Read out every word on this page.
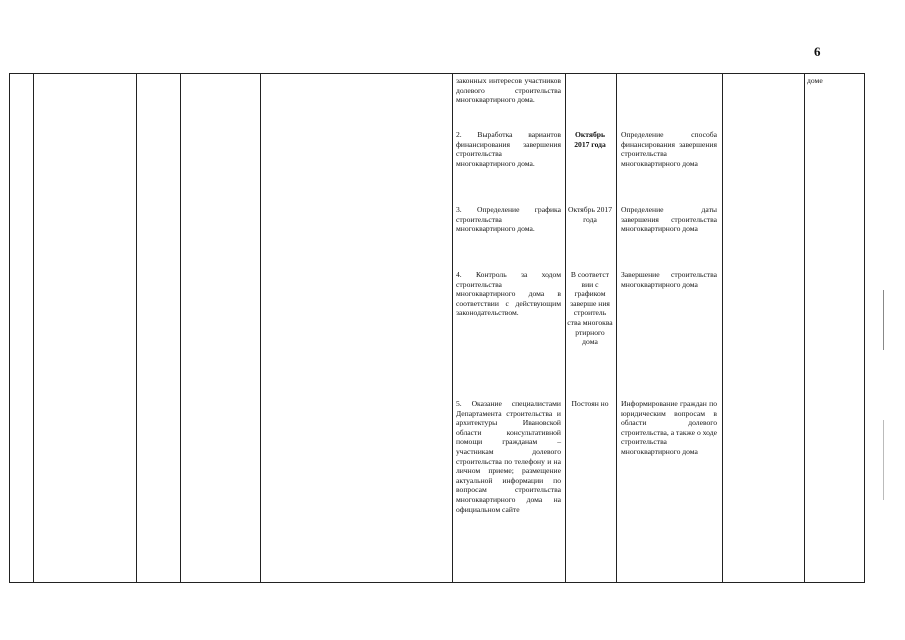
6
доме
законных интересов участников долевого строительства многоквартирного дома.
2. Выработка вариантов финансирования завершения строительства многоквартирного дома.
Октябрь 2017 года
Определение способа финансирования завершения строительства многоквартирного дома
3. Определение графика строительства многоквартирного дома.
Октябрь 2017 года
Определение даты завершения строительства многоквартирного дома
4. Контроль за ходом строительства многоквартирного дома в соответствии с действующим законодательством.
В соответст вии с графиком заверше ния строитель ства многоква ртирного дома
Завершение строительства многоквартирного дома
5. Оказание специалистами Департамента строительства и архитектуры Ивановской области консультативной помощи гражданам – участникам долевого строительства по телефону и на личном приеме; размещение актуальной информации по вопросам строительства многоквартирного дома на официальном сайте
Постоян но	Информирование граждан по юридическим вопросам в области долевого строительства, а также о ходе строительства многоквартирного дома
